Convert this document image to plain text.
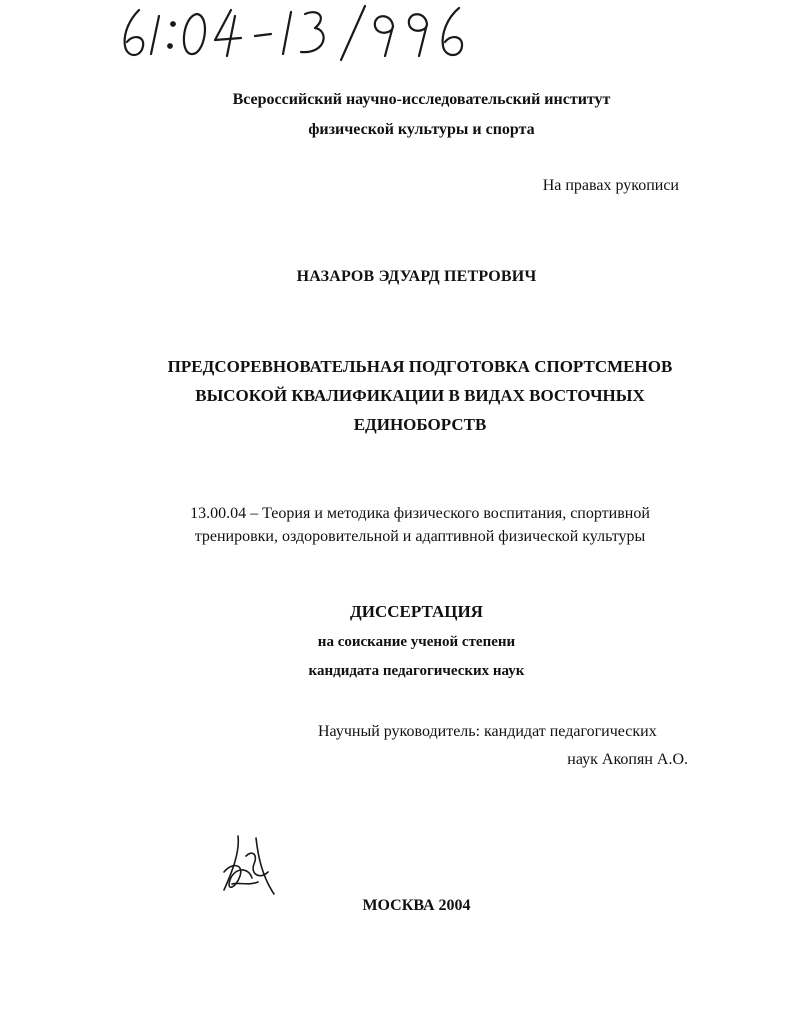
Всероссийский научно-исследовательский институт

физической культуры и спорта

На правах рукописи

НАЗАРОВ ЭДУАРД ПЕТРОВИЧ

ПРЕДСОРЕВНОВАТЕЛЬНАЯ ПОДГОТОВКА СПОРТСМЕНОВ
ВЫСОКОЙ КВАЛИФИКАЦИИ В ВИДАХ ВОСТОЧНЫХ
ЕДИНОБОРСТВ
13.00.04 – Теория и методика физического воспитания, спортивной
тренировки, оздоровительной и адаптивной физической культуры

ДИССЕРТАЦИЯ

на соискание ученой степени

кандидата педагогических наук

Научный руководитель: кандидат педагогических
наук Акопян А.О.

МОСКВА 2004
